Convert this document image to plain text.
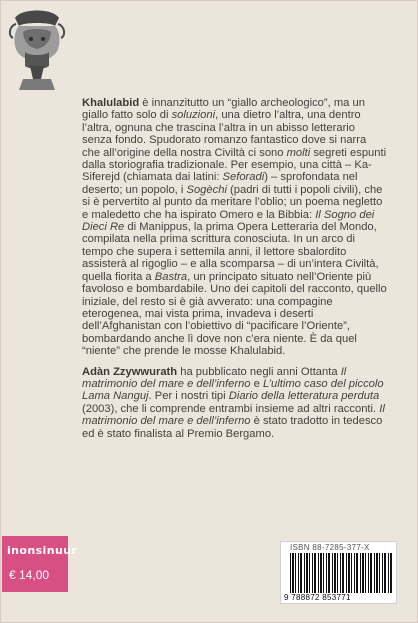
Khalulabid è innanzitutto un “giallo archeologico”, ma un giallo fatto solo di soluzioni, una dietro l’altra, una dentro l’altra, ognuna che trascina l’altra in un abisso letterario senza fondo. Spudorato romanzo fantastico dove si narra che all’origine della nostra Civiltà ci sono molti segreti espunti dalla storiografia tradizionale. Per esempio, una città – Ka-Siferejd (chiamata dai latini: Seforadi) – sprofondata nel deserto; un popolo, i Sogèchi (padri di tutti i popoli civili), che si è pervertito al punto da meritare l’oblio; un poema negletto e maledetto che ha ispirato Omero e la Bibbia: Il Sogno dei Dieci Re di Manippus, la prima Opera Letteraria del Mondo, compilata nella prima scrittura conosciuta. In un arco di tempo che supera i settemila anni, il lettore sbalordito assisterà al rigoglio – e alla scomparsa – di un’intera Civiltà, quella fiorita a Bastra, un principato situato nell’Oriente più favoloso e bombardabile. Uno dei capitoli del racconto, quello iniziale, del resto si è già avverato: una compagine eterogenea, mai vista prima, invadeva i deserti dell’Afghanistan con l’obiettivo di “pacificare l’Oriente”, bombardando anche lì dove non c’era niente. È da quel “niente” che prende le mosse Khalulabid.

Adàn Zzywwurath ha pubblicato negli anni Ottanta Il matrimonio del mare e dell’inferno e L’ultimo caso del piccolo Lama Nanguj. Per i nostri tipi Diario della letteratura perduta (2003), che li comprende entrambi insieme ad altri racconti. Il matrimonio del mare e dell’inferno è stato tradotto in tedesco ed è stato finalista al Premio Bergamo.

inonsinuur
€ 14,00
ISBN 88-7285-377-X
9 788872 853771
